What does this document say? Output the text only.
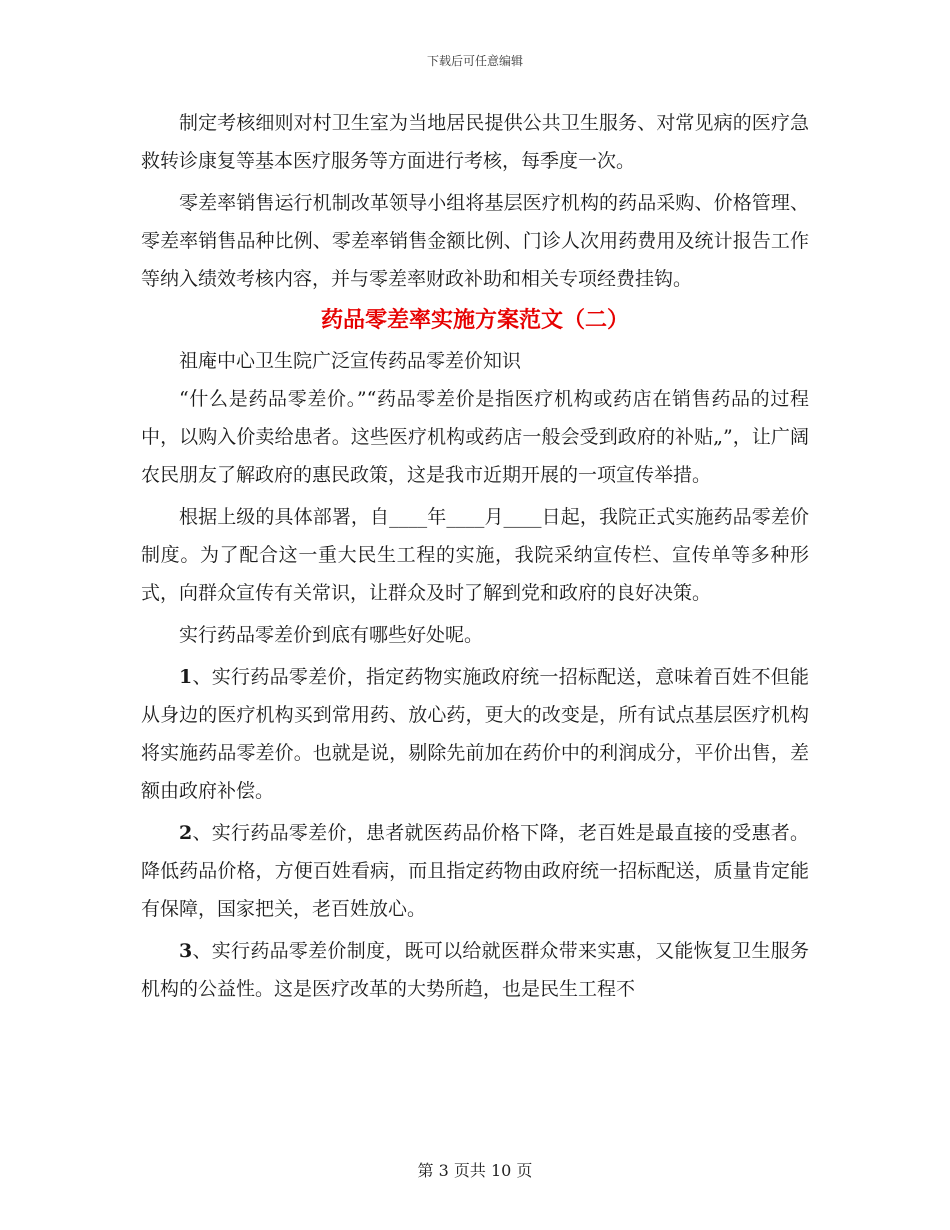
下载后可任意编辑

制定考核细则对村卫生室为当地居民提供公共卫生服务、对常见病的医疗急救转诊康复等基本医疗服务等方面进行考核，每季度一次。

零差率销售运行机制改革领导小组将基层医疗机构的药品采购、价格管理、零差率销售品种比例、零差率销售金额比例、门诊人次用药费用及统计报告工作等纳入绩效考核内容，并与零差率财政补助和相关专项经费挂钩。

药品零差率实施方案范文（二）

祖庵中心卫生院广泛宣传药品零差价知识

“什么是药品零差价。”“药品零差价是指医疗机构或药店在销售药品的过程中，以购入价卖给患者。这些医疗机构或药店一般会受到政府的补贴„”，让广阔农民朋友了解政府的惠民政策，这是我市近期开展的一项宣传举措。

根据上级的具体部署，自____年____月____日起，我院正式实施药品零差价制度。为了配合这一重大民生工程的实施，我院采纳宣传栏、宣传单等多种形式，向群众宣传有关常识，让群众及时了解到党和政府的良好决策。

实行药品零差价到底有哪些好处呢。

1、实行药品零差价，指定药物实施政府统一招标配送，意味着百姓不但能从身边的医疗机构买到常用药、放心药，更大的改变是，所有试点基层医疗机构将实施药品零差价。也就是说，剔除先前加在药价中的利润成分，平价出售，差额由政府补偿。

2、实行药品零差价，患者就医药品价格下降，老百姓是最直接的受惠者。降低药品价格，方便百姓看病，而且指定药物由政府统一招标配送，质量肯定能有保障，国家把关，老百姓放心。

3、实行药品零差价制度，既可以给就医群众带来实惠，又能恢复卫生服务机构的公益性。这是医疗改革的大势所趋，也是民生工程不

第 3 页共 10 页
